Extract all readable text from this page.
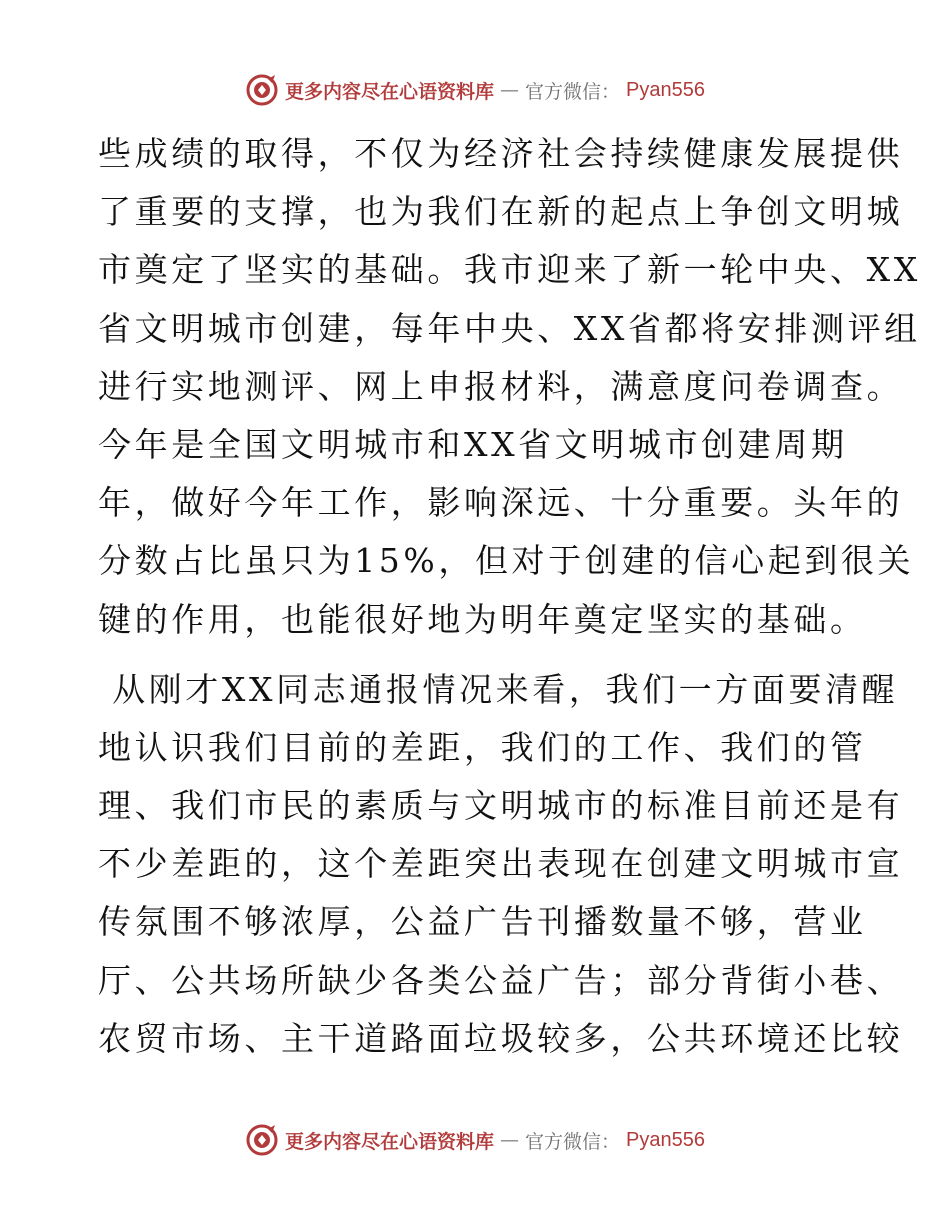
更多内容尽在心语资料库 — 官方微信： Pyan556
些成绩的取得，不仅为经济社会持续健康发展提供
了重要的支撑，也为我们在新的起点上争创文明城
市奠定了坚实的基础。我市迎来了新一轮中央、XX
省文明城市创建，每年中央、XX省都将安排测评组
进行实地测评、网上申报材料，满意度问卷调查。
今年是全国文明城市和XX省文明城市创建周期
年，做好今年工作，影响深远、十分重要。头年的
分数占比虽只为15%，但对于创建的信心起到很关
键的作用，也能很好地为明年奠定坚实的基础。
从刚才XX同志通报情况来看，我们一方面要清醒
地认识我们目前的差距，我们的工作、我们的管
理、我们市民的素质与文明城市的标准目前还是有
不少差距的，这个差距突出表现在创建文明城市宣
传氛围不够浓厚，公益广告刊播数量不够，营业
厅、公共场所缺少各类公益广告；部分背街小巷、
农贸市场、主干道路面垃圾较多，公共环境还比较
更多内容尽在心语资料库 — 官方微信： Pyan556
